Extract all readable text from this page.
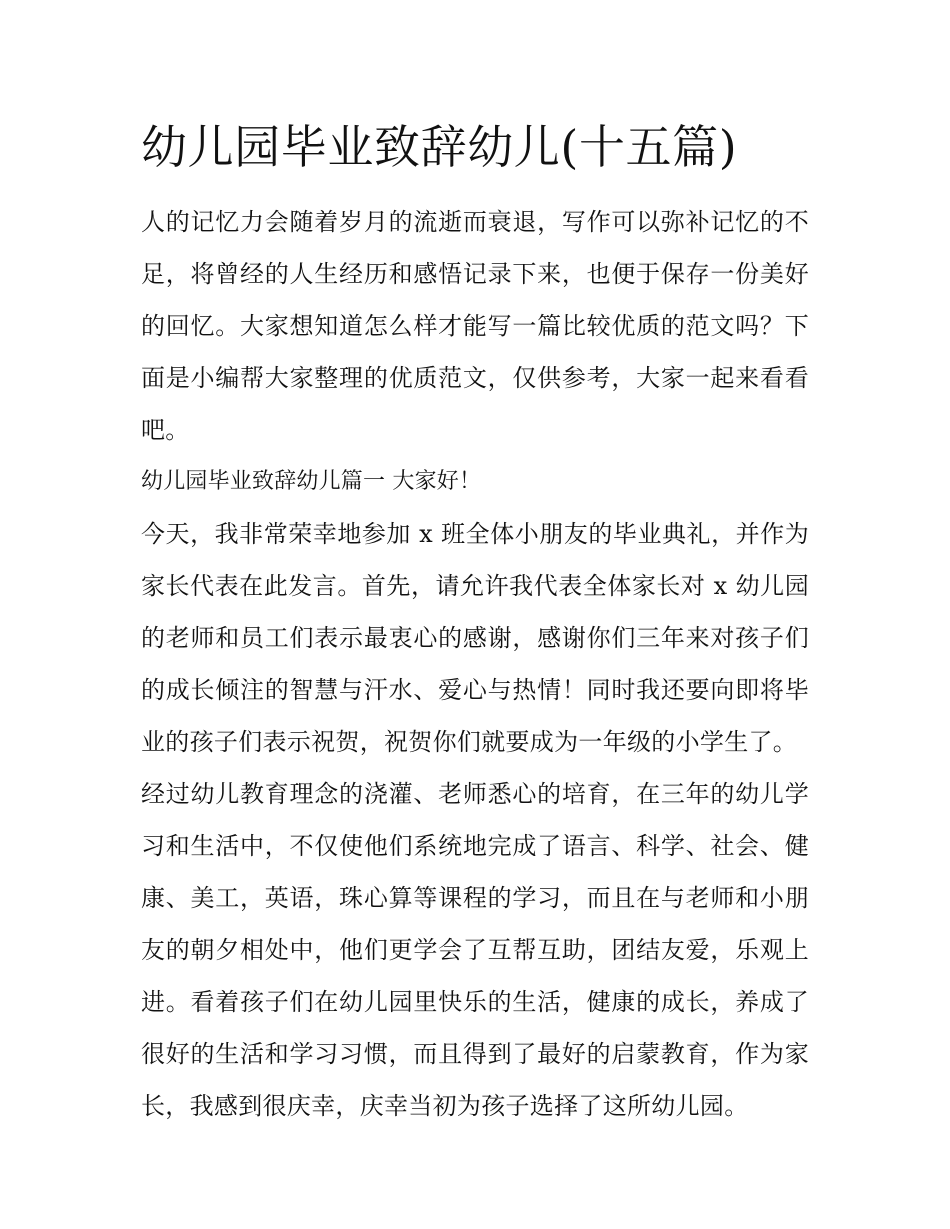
幼儿园毕业致辞幼儿(十五篇)

人的记忆力会随着岁月的流逝而衰退，写作可以弥补记忆的不足，将曾经的人生经历和感悟记录下来，也便于保存一份美好的回忆。大家想知道怎么样才能写一篇比较优质的范文吗？下面是小编帮大家整理的优质范文，仅供参考，大家一起来看看吧。

幼儿园毕业致辞幼儿篇一 大家好！

今天，我非常荣幸地参加 x 班全体小朋友的毕业典礼，并作为家长代表在此发言。首先，请允许我代表全体家长对 x 幼儿园的老师和员工们表示最衷心的感谢，感谢你们三年来对孩子们的成长倾注的智慧与汗水、爱心与热情！同时我还要向即将毕业的孩子们表示祝贺，祝贺你们就要成为一年级的小学生了。

经过幼儿教育理念的浇灌、老师悉心的培育，在三年的幼儿学习和生活中，不仅使他们系统地完成了语言、科学、社会、健康、美工，英语，珠心算等课程的学习，而且在与老师和小朋友的朝夕相处中，他们更学会了互帮互助，团结友爱，乐观上进。看着孩子们在幼儿园里快乐的生活，健康的成长，养成了很好的生活和学习习惯，而且得到了最好的启蒙教育，作为家长，我感到很庆幸，庆幸当初为孩子选择了这所幼儿园。
